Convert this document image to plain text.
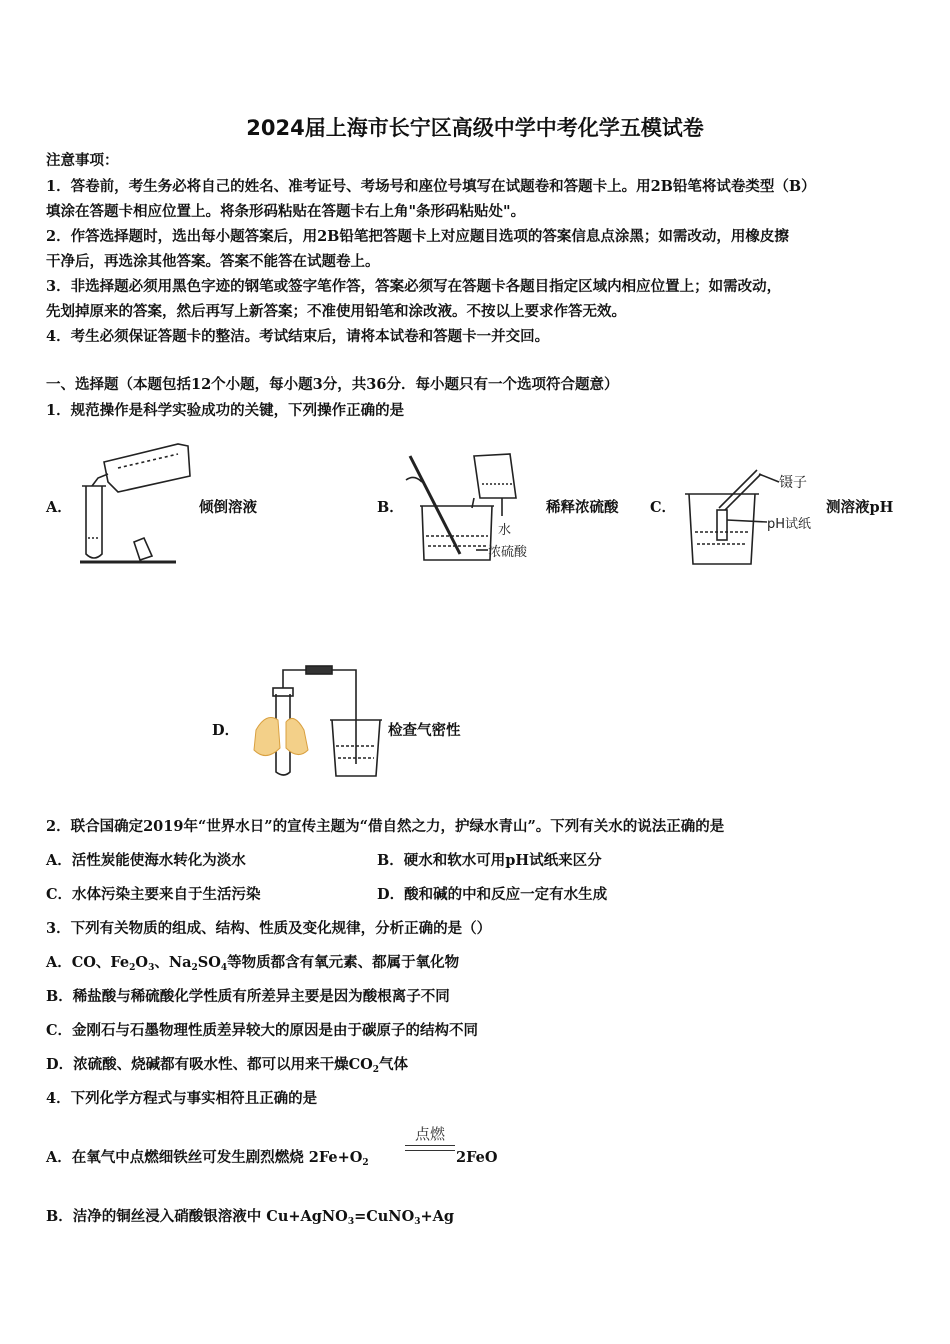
2024届上海市长宁区高级中学中考化学五模试卷
注意事项：
1．答卷前，考生务必将自己的姓名、准考证号、考场号和座位号填写在试题卷和答题卡上。用2B铅笔将试卷类型（B）
填涂在答题卡相应位置上。将条形码粘贴在答题卡右上角"条形码粘贴处"。
2．作答选择题时，选出每小题答案后，用2B铅笔把答题卡上对应题目选项的答案信息点涂黑；如需改动，用橡皮擦
干净后，再选涂其他答案。答案不能答在试题卷上。
3．非选择题必须用黑色字迹的钢笔或签字笔作答，答案必须写在答题卡各题目指定区域内相应位置上；如需改动，
先划掉原来的答案，然后再写上新答案；不准使用铅笔和涂改液。不按以上要求作答无效。
4．考生必须保证答题卡的整洁。考试结束后，请将本试卷和答题卡一并交回。
一、选择题（本题包括12个小题，每小题3分，共36分．每小题只有一个选项符合题意）
1．规范操作是科学实验成功的关键，下列操作正确的是
A．	倾倒溶液	B．
水
浓硫酸
稀释浓硫酸 C．
镊子
pH试纸
测溶液pH
D．	检查气密性
2．联合国确定2019年“世界水日”的宣传主题为“借自然之力，护绿水青山”。下列有关水的说法正确的是
A．活性炭能使海水转化为淡水	B．硬水和软水可用pH试纸来区分
C．水体污染主要来自于生活污染	D．酸和碱的中和反应一定有水生成
3．下列有关物质的组成、结构、性质及变化规律，分析正确的是（）
A．CO、$Fe_2O_3$、$Na_2SO_4$等物质都含有氧元素、都属于氧化物
B．稀盐酸与稀硫酸化学性质有所差异主要是因为酸根离子不同
C．金刚石与石墨物理性质差异较大的原因是由于碳原子的结构不同
D．浓硫酸、烧碱都有吸水性、都可以用来干燥$CO_2$气体
4．下列化学方程式与事实相符且正确的是
A．在氧气中点燃细铁丝可发生剧烈燃烧 $2Fe+O_2$
点燃
2FeO
B．洁净的铜丝浸入硝酸银溶液中 Cu+AgNO$_3$=CuNO$_3$+Ag
